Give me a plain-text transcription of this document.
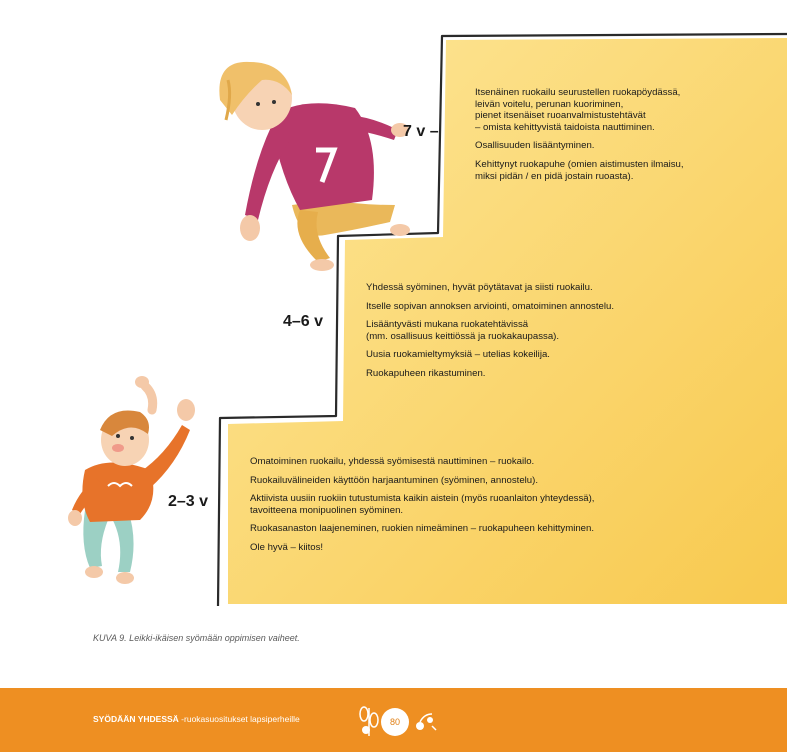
7 v –
4–6 v
2–3 v

Itsenäinen ruokailu seurustellen ruokapöydässä,
leivän voitelu, perunan kuoriminen,
pienet itsenäiset ruoanvalmistustehtävät
– omista kehittyvistä taidoista nauttiminen.

Osallisuuden lisääntyminen.

Kehittynyt ruokapuhe (omien aistimusten ilmaisu,
miksi pidän / en pidä jostain ruoasta).

Yhdessä syöminen, hyvät pöytätavat ja siisti ruokailu.

Itselle sopivan annoksen arviointi, omatoiminen annostelu.

Lisääntyvästi mukana ruokatehtävissä
(mm. osallisuus keittiössä ja ruokakaupassa).

Uusia ruokamieltymyksiä – utelias kokeilija.

Ruokapuheen rikastuminen.

Omatoiminen ruokailu, yhdessä syömisestä nauttiminen – ruokailo.

Ruokailuvälineiden käyttöön harjaantuminen (syöminen, annostelu).

Aktiivista uusiin ruokiin tutustumista kaikin aistein (myös ruoanlaiton yhteydessä),
tavoitteena monipuolinen syöminen.

Ruokasanaston laajeneminen, ruokien nimeäminen – ruokapuheen kehittyminen.

Ole hyvä – kiitos!

KUVA 9. Leikki-ikäisen syömään oppimisen vaiheet.
SYÖDÄÄN YHDESSÄ -ruokasuositukset lapsiperheille	80
